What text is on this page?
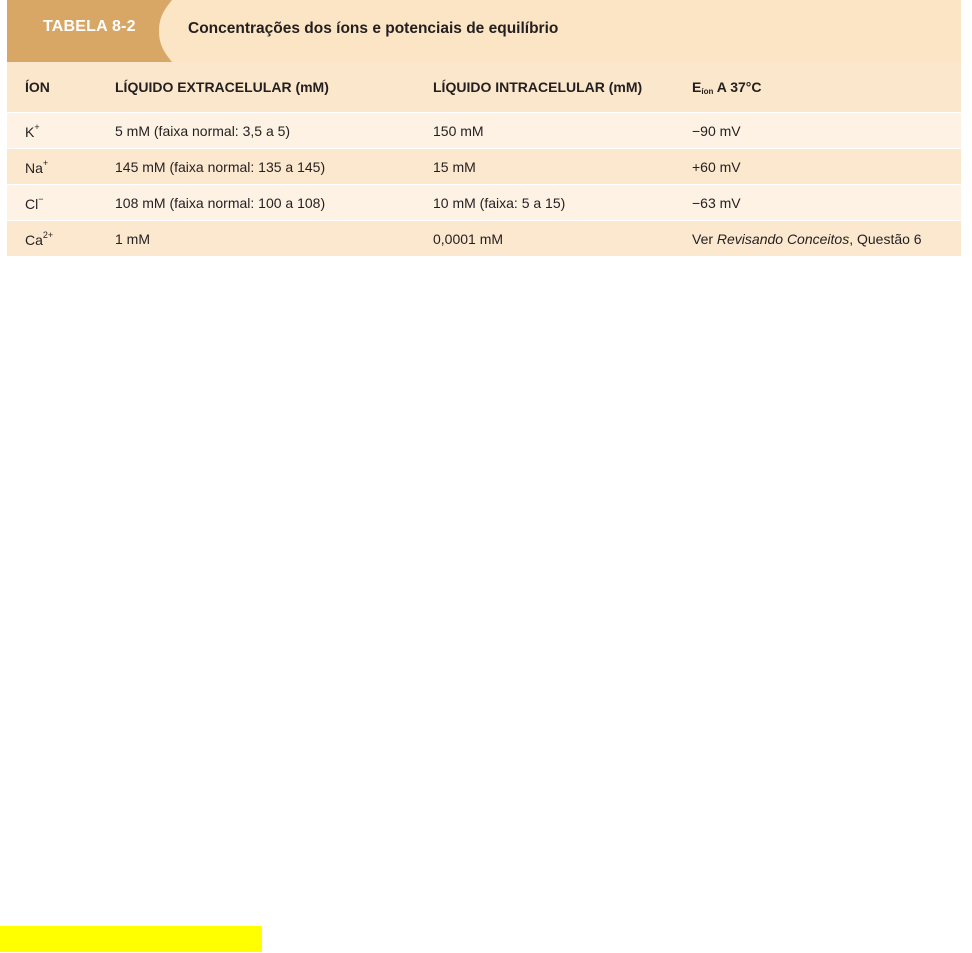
TABELA 8-2	Concentrações dos íons e potenciais de equilíbrio
ÍON	LÍQUIDO EXTRACELULAR (mM)	LÍQUIDO INTRACELULAR (mM)	$E_{íon}$ A 37°C
K+	5 mM (faixa normal: 3,5 a 5)	150 mM	−90 mV
Na+	145 mM (faixa normal: 135 a 145)	15 mM	+60 mV
Cl−	108 mM (faixa normal: 100 a 108)	10 mM (faixa: 5 a 15)	−63 mV
$Ca^{2+}$	1 mM	0,0001 mM	Ver Revisando Conceitos, Questão 6
